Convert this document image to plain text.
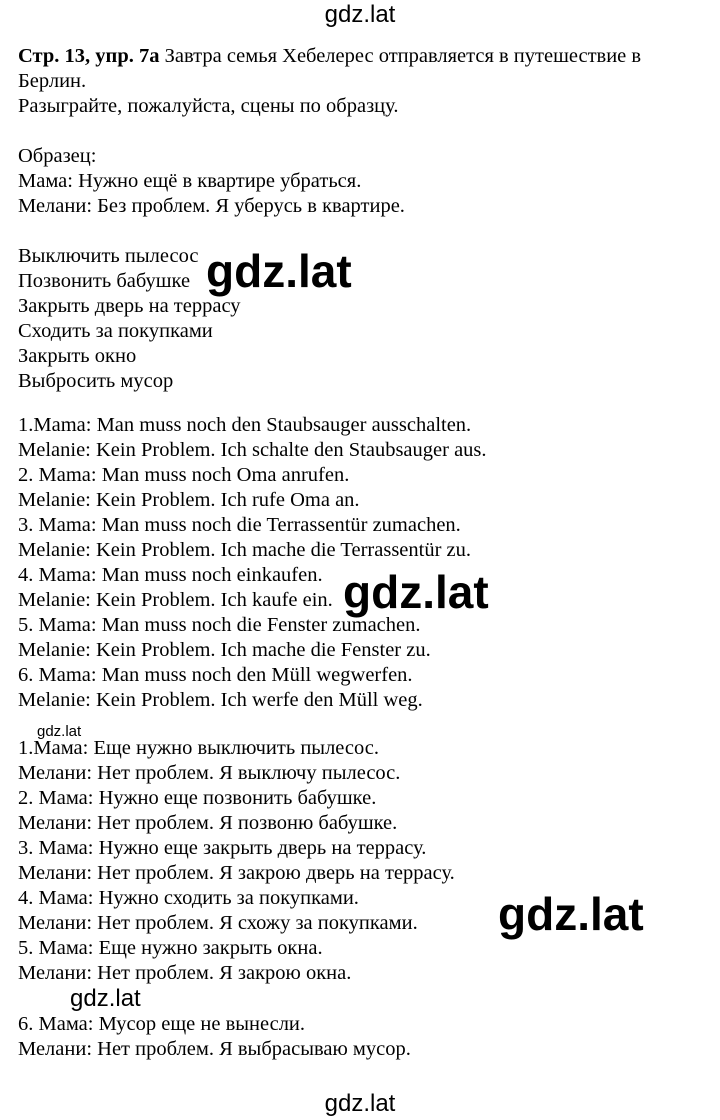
gdz.lat
Стр. 13, упр. 7а Завтра семья Хебелерес отправляется в путешествие в
Берлин.
Разыграйте, пожалуйста, сцены по образцу.
Образец:
Мама: Нужно ещё в квартире убраться.
Мелани: Без проблем. Я уберусь в квартире.
Выключить пылесос
Позвонить бабушке
Закрыть дверь на террасу
Сходить за покупками
Закрыть окно
Выбросить мусор
1.Mama: Man muss noch den Staubsauger ausschalten.
Melanie: Kein Problem. Ich schalte den Staubsauger aus.
2. Mama: Man muss noch Oma anrufen.
Melanie: Kein Problem. Ich rufe Oma an.
3. Mama: Man muss noch die Terrassentür zumachen.
Melanie: Kein Problem. Ich mache die Terrassentür zu.
4. Mama: Man muss noch einkaufen.
Melanie: Kein Problem. Ich kaufe ein.
5. Mama: Man muss noch die Fenster zumachen.
Melanie: Kein Problem. Ich mache die Fenster zu.
6. Mama: Man muss noch den Müll wegwerfen.
Melanie: Kein Problem. Ich werfe den Müll weg.
1.Мама: Еще нужно выключить пылесос.
Мелани: Нет проблем. Я выключу пылесос.
2. Мама: Нужно еще позвонить бабушке.
Мелани: Нет проблем. Я позвоню бабушке.
3. Мама: Нужно еще закрыть дверь на террасу.
Мелани: Нет проблем. Я закрою дверь на террасу.
4. Мама: Нужно сходить за покупками.
Мелани: Нет проблем. Я схожу за покупками.
5. Мама: Еще нужно закрыть окна.
Мелани: Нет проблем. Я закрою окна.
6. Мама: Мусор еще не вынесли.
Мелани: Нет проблем. Я выбрасываю мусор.
gdz.lat
gdz.lat
gdz.lat
gdz.lat
gdz.lat
gdz.lat
